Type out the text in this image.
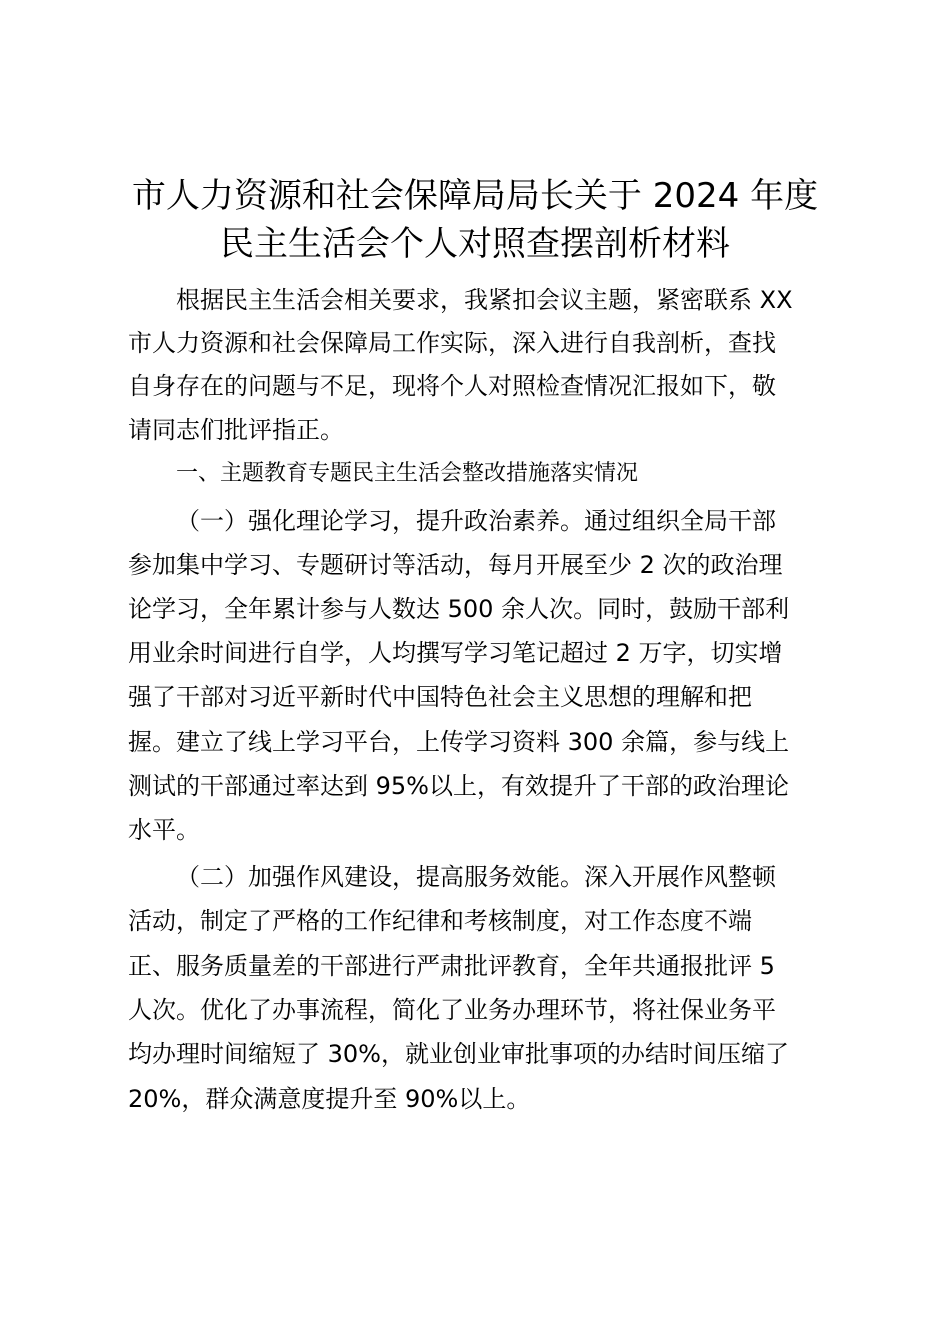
市人力资源和社会保障局局长关于 2024 年度
民主生活会个人对照查摆剖析材料
根据民主生活会相关要求，我紧扣会议主题，紧密联系 XX
市人力资源和社会保障局工作实际，深入进行自我剖析，查找
自身存在的问题与不足，现将个人对照检查情况汇报如下，敬
请同志们批评指正。
一、主题教育专题民主生活会整改措施落实情况
（一）强化理论学习，提升政治素养。通过组织全局干部
参加集中学习、专题研讨等活动，每月开展至少 2 次的政治理
论学习，全年累计参与人数达 500 余人次。同时，鼓励干部利
用业余时间进行自学，人均撰写学习笔记超过 2 万字，切实增
强了干部对习近平新时代中国特色社会主义思想的理解和把
握。建立了线上学习平台，上传学习资料 300 余篇，参与线上
测试的干部通过率达到 95%以上，有效提升了干部的政治理论
水平。
（二）加强作风建设，提高服务效能。深入开展作风整顿
活动，制定了严格的工作纪律和考核制度，对工作态度不端
正、服务质量差的干部进行严肃批评教育，全年共通报批评 5
人次。优化了办事流程，简化了业务办理环节，将社保业务平
均办理时间缩短了 30%，就业创业审批事项的办结时间压缩了
20%，群众满意度提升至 90%以上。
